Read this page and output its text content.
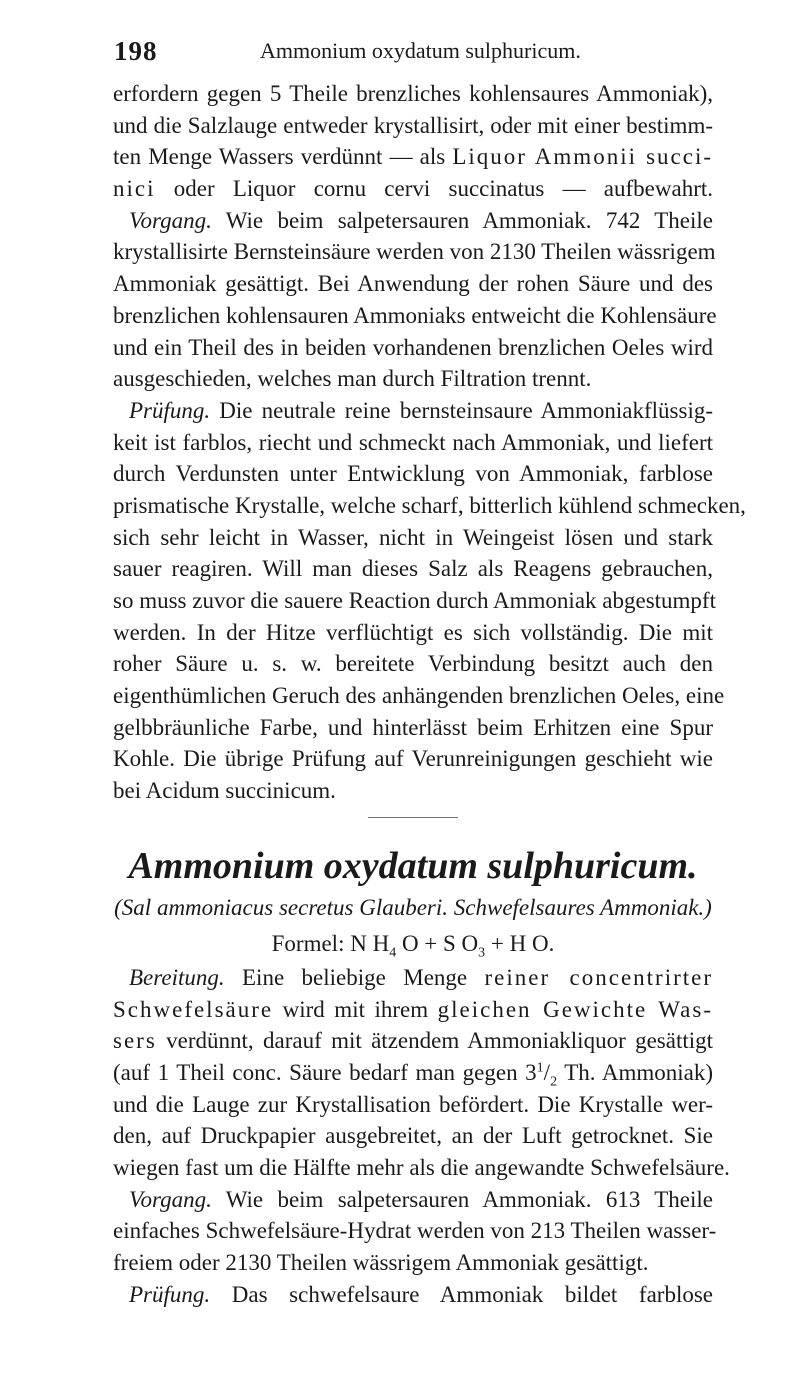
198	Ammonium oxydatum sulphuricum.
erfordern gegen 5 Theile brenzliches kohlensaures Ammoniak),
und die Salzlauge entweder krystallisirt, oder mit einer bestimm-
ten Menge Wassers verdünnt — als Liquor Ammonii succi-
nici oder Liquor cornu cervi succinatus — aufbewahrt.
Vorgang. Wie beim salpetersauren Ammoniak. 742 Theile
krystallisirte Bernsteinsäure werden von 2130 Theilen wässrigem
Ammoniak gesättigt. Bei Anwendung der rohen Säure und des
brenzlichen kohlensauren Ammoniaks entweicht die Kohlensäure
und ein Theil des in beiden vorhandenen brenzlichen Oeles wird
ausgeschieden, welches man durch Filtration trennt.
Prüfung. Die neutrale reine bernsteinsaure Ammoniakflüssig-
keit ist farblos, riecht und schmeckt nach Ammoniak, und liefert
durch Verdunsten unter Entwicklung von Ammoniak, farblose
prismatische Krystalle, welche scharf, bitterlich kühlend schmecken,
sich sehr leicht in Wasser, nicht in Weingeist lösen und stark
sauer reagiren. Will man dieses Salz als Reagens gebrauchen,
so muss zuvor die sauere Reaction durch Ammoniak abgestumpft
werden. In der Hitze verflüchtigt es sich vollständig. Die mit
roher Säure u. s. w. bereitete Verbindung besitzt auch den
eigenthümlichen Geruch des anhängenden brenzlichen Oeles, eine
gelbbräunliche Farbe, und hinterlässt beim Erhitzen eine Spur
Kohle. Die übrige Prüfung auf Verunreinigungen geschieht wie
bei Acidum succinicum.
Ammonium oxydatum sulphuricum.
(Sal ammoniacus secretus Glauberi. Schwefelsaures Ammoniak.)
Formel: N $H_4$ O + S $O_3 + H$ O.
Bereitung. Eine beliebige Menge reiner concentrirter
Schwefelsäure wird mit ihrem gleichen Gewichte Was-
sers verdünnt, darauf mit ätzendem Ammoniakliquor gesättigt
(auf 1 Theil conc. Säure bedarf man gegen $3^1/_2$ Th. Ammoniak)
und die Lauge zur Krystallisation befördert. Die Krystalle wer-
den, auf Druckpapier ausgebreitet, an der Luft getrocknet. Sie
wiegen fast um die Hälfte mehr als die angewandte Schwefelsäure.
Vorgang. Wie beim salpetersauren Ammoniak. 613 Theile
einfaches Schwefelsäure-Hydrat werden von 213 Theilen wasser-
freiem oder 2130 Theilen wässrigem Ammoniak gesättigt.
Prüfung. Das schwefelsaure Ammoniak bildet farblose
